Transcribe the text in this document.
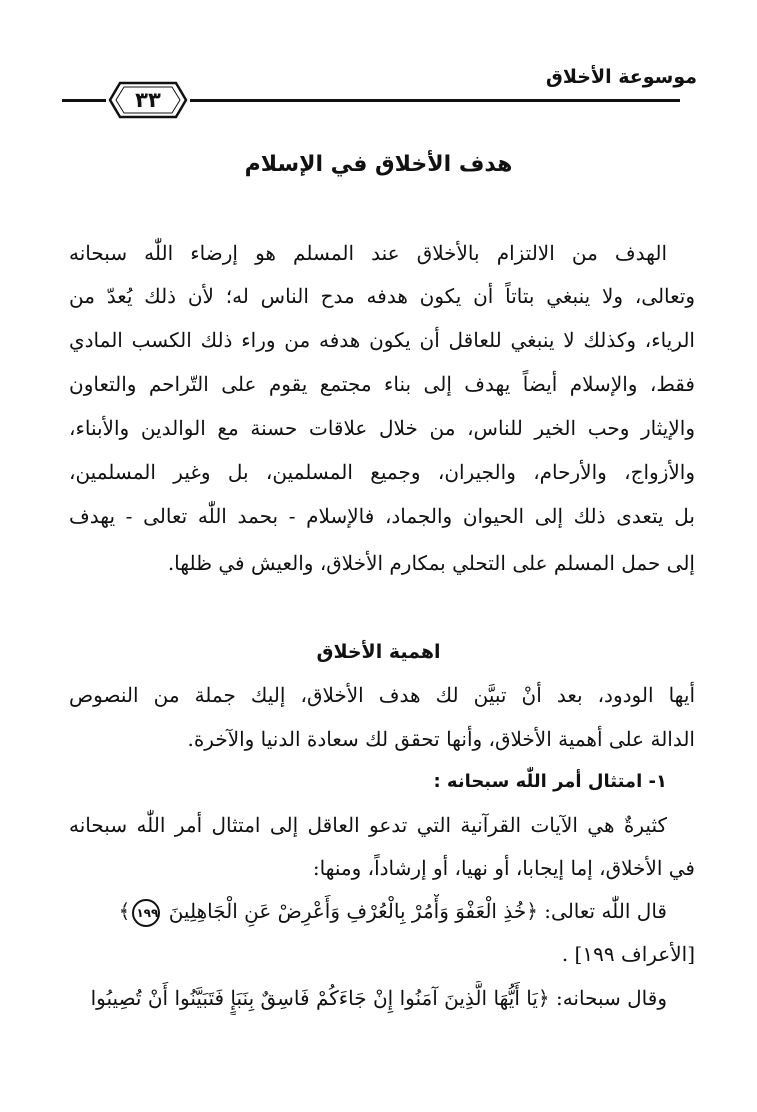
موسوعة الأخلاق
٣٣
هدف الأخلاق في الإسلام
الهدف من الالتزام بالأخلاق عند المسلم هو إرضاء اللّٰه سبحانه
وتعالى، ولا ينبغي بتاتاً أن يكون هدفه مدح الناس له؛ لأن ذلك يُعدّ من
الرياء، وكذلك لا ينبغي للعاقل أن يكون هدفه من وراء ذلك الكسب المادي
فقط، والإسلام أيضاً يهدف إلى بناء مجتمع يقوم على التّراحم والتعاون
والإيثار وحب الخير للناس، من خلال علاقات حسنة مع الوالدين والأبناء،
والأزواج، والأرحام، والجيران، وجميع المسلمين، بل وغير المسلمين،
بل يتعدى ذلك إلى الحيوان والجماد، فالإسلام - بحمد اللّٰه تعالى - يهدف
إلى حمل المسلم على التحلي بمكارم الأخلاق، والعيش في ظلها.
اهمية الأخلاق
أيها الودود، بعد أنْ تبيَّن لك هدف الأخلاق، إليك جملة من النصوص
الدالة على أهمية الأخلاق، وأنها تحقق لك سعادة الدنيا والآخرة.
١- امتثال أمر اللّٰه سبحانه :
كثيرةٌ هي الآيات القرآنية التي تدعو العاقل إلى امتثال أمر اللّٰه سبحانه
في الأخلاق، إما إيجابا، أو نهيا، أو إرشاداً، ومنها:
قال اللّٰه تعالى: ﴿خُذِ الْعَفْوَ وَأْمُرْ بِالْعُرْفِ وَأَعْرِضْ عَنِ الْجَاهِلِينَ ١٩٩﴾
[الأعراف ١٩٩] .
وقال سبحانه: ﴿يَا أَيُّهَا الَّذِينَ آمَنُوا إِنْ جَاءَكُمْ فَاسِقٌ بِنَبَإٍ فَتَبَيَّنُوا أَنْ تُصِيبُوا
